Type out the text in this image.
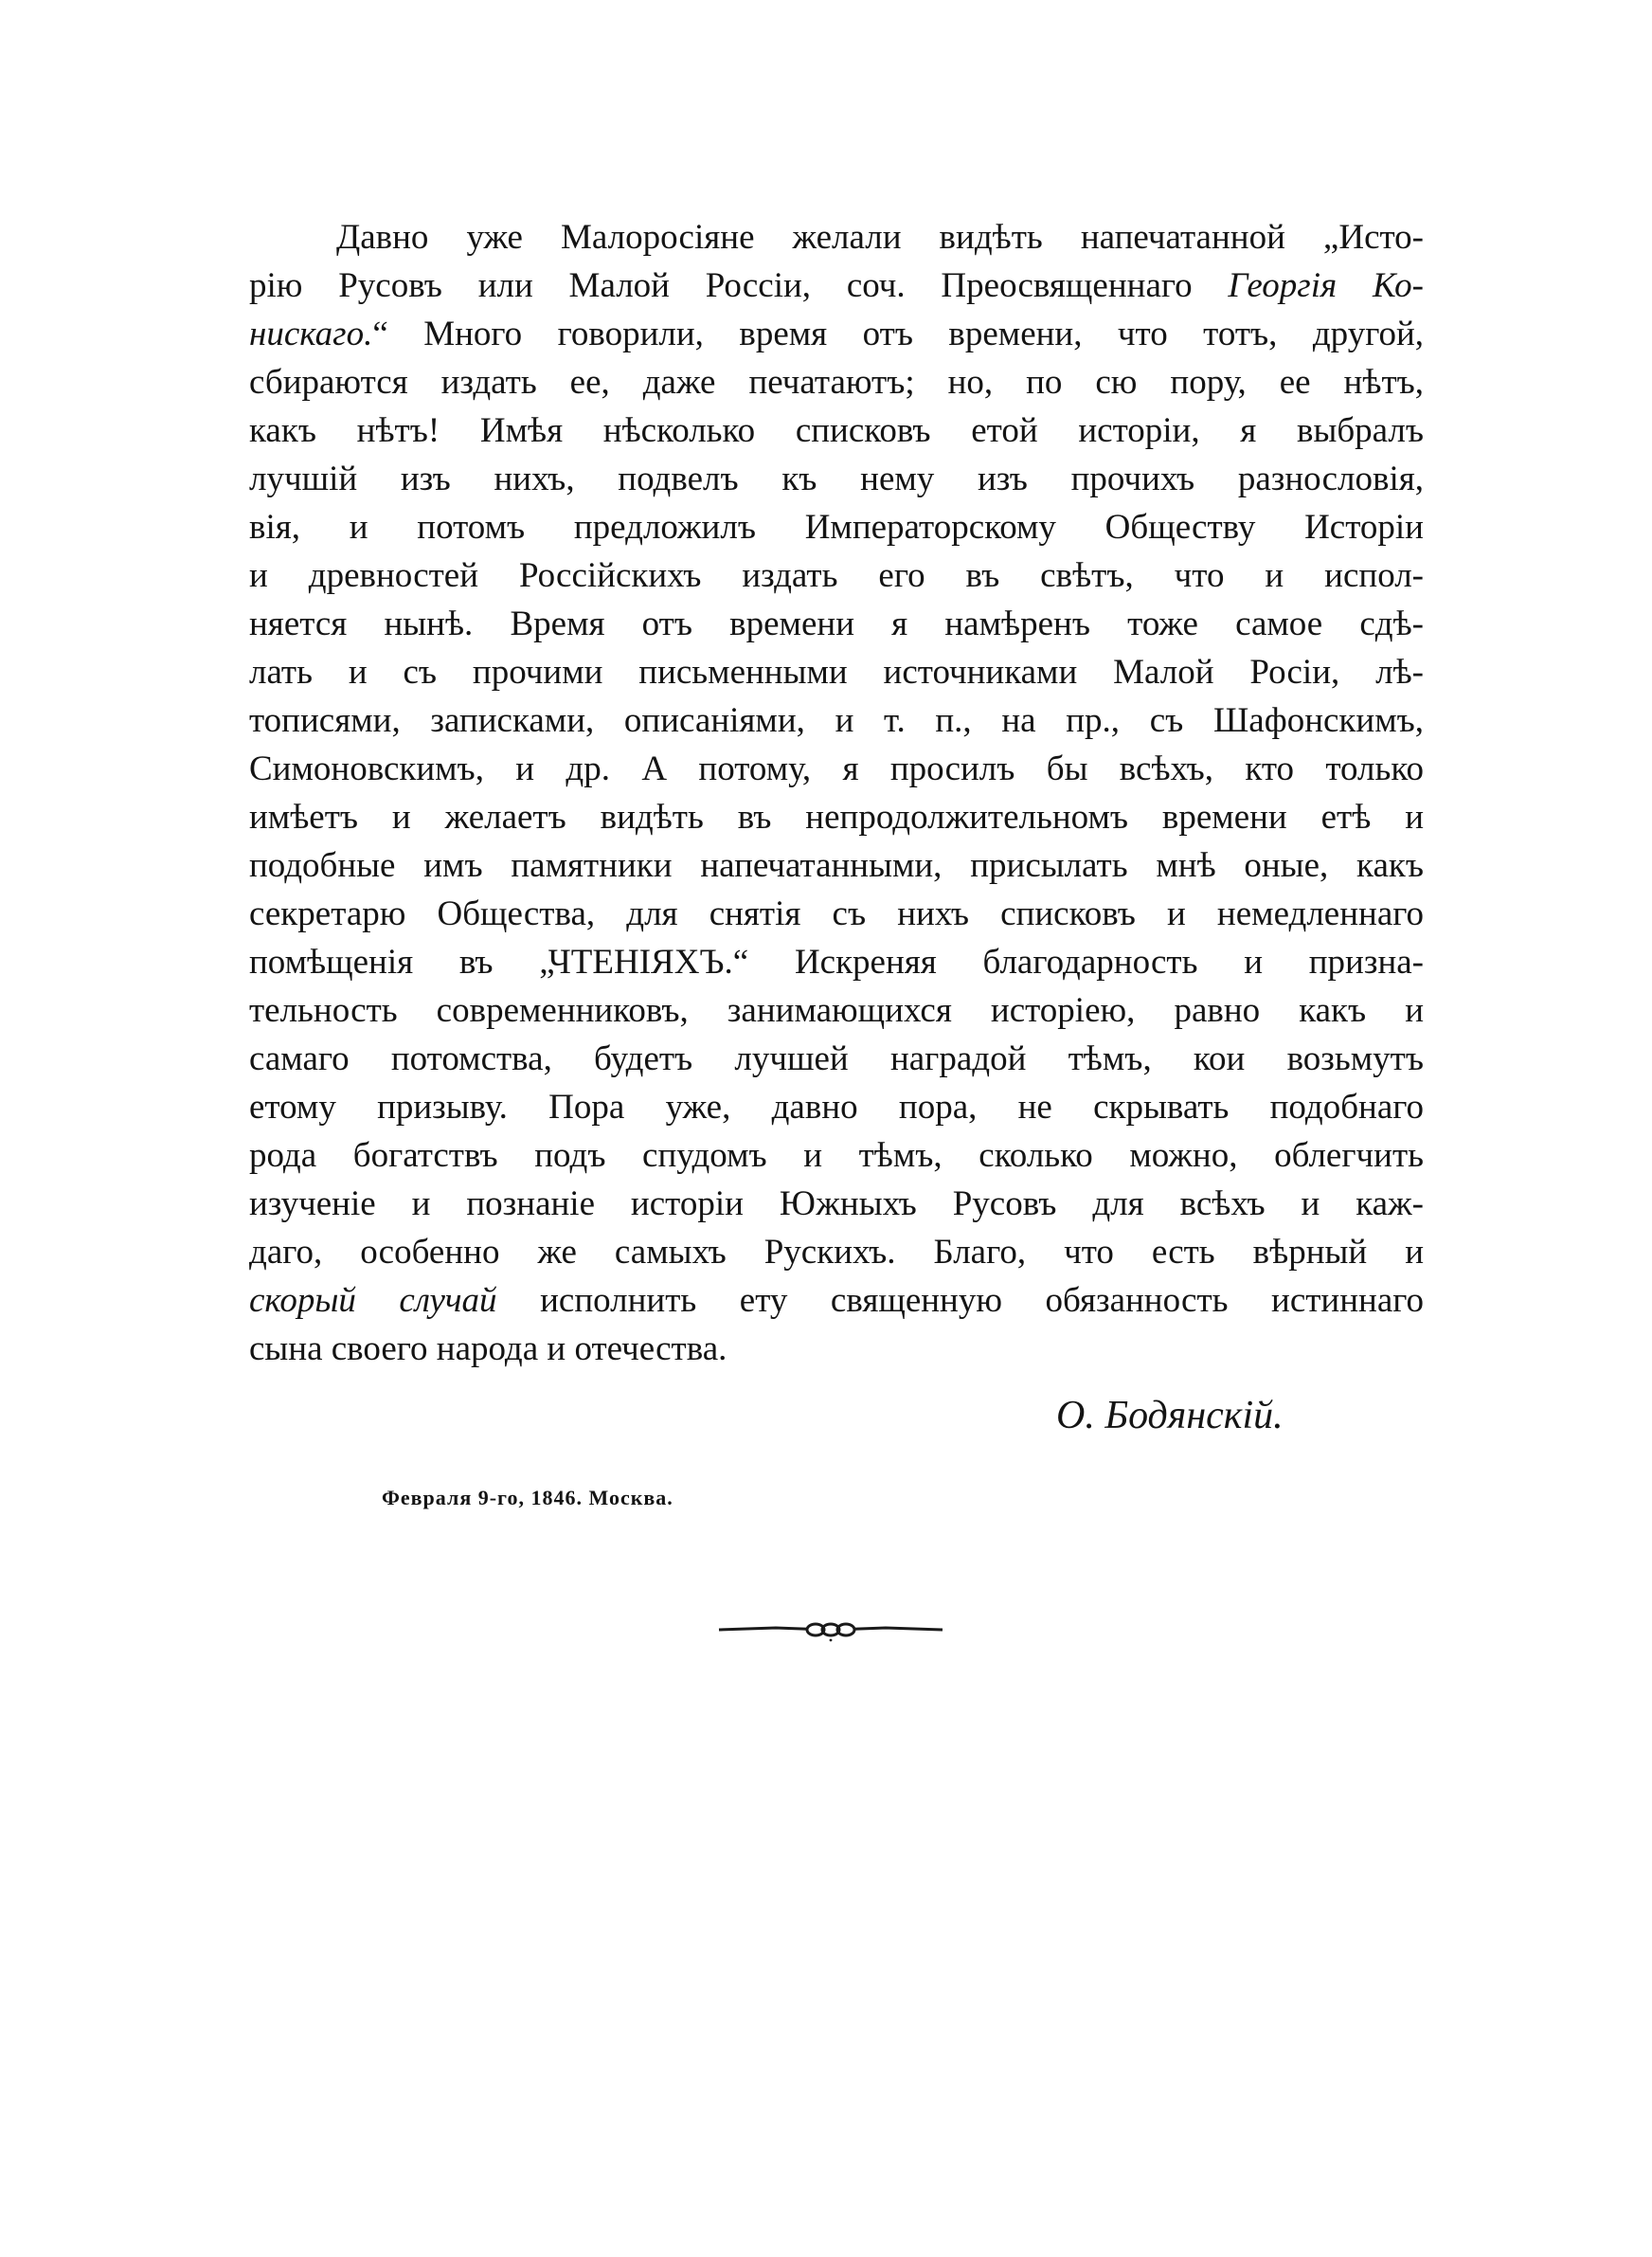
Давно уже Малоросіяне желали видѣть напечатанной „Исто-
рію Русовъ или Малой Россіи, соч. Преосвященнаго Георгія Ко-
нискаго.“ Много говорили, время отъ времени, что тотъ, другой,
сбираются издать ее, даже печатаютъ; но, по сю пору, ее нѣтъ,
какъ нѣтъ! Имѣя нѣсколько списковъ етой исторіи, я выбралъ
лучшій изъ нихъ, подвелъ къ нему изъ прочихъ разнословія,
вія, и потомъ предложилъ Императорскому Обществу Исторіи
и древностей Россійскихъ издать его въ свѣтъ, что и испол-
няется нынѣ. Время отъ времени я намѣренъ тоже самое сдѣ-
лать и съ прочими письменными источниками Малой Росіи, лѣ-
тописями, записками, описаніями, и т. п., на пр., съ Шафонскимъ,
Симоновскимъ, и др. А потому, я просилъ бы всѣхъ, кто только
имѣетъ и желаетъ видѣть въ непродолжительномъ времени етѣ и
подобные имъ памятники напечатанными, присылать мнѣ оные, какъ
секретарю Общества, для снятія съ нихъ списковъ и немедленнаго
помѣщенія въ „ЧТЕНІЯХЪ.“ Искреняя благодарность и призна-
тельность современниковъ, занимающихся исторіею, равно какъ и
самаго потомства, будетъ лучшей наградой тѣмъ, кои возьмутъ
етому призыву. Пора уже, давно пора, не скрывать подобнаго
рода богатствъ подъ спудомъ и тѣмъ, сколько можно, облегчить
изученіе и познаніе исторіи Южныхъ Русовъ для всѣхъ и каж-
даго, особенно же самыхъ Рускихъ. Благо, что есть вѣрный и
скорый случай исполнить ету священную обязанность истиннаго
сына своего народа и отечества.
О. Бодянскій.
Февраля 9-го, 1846. Москва.
